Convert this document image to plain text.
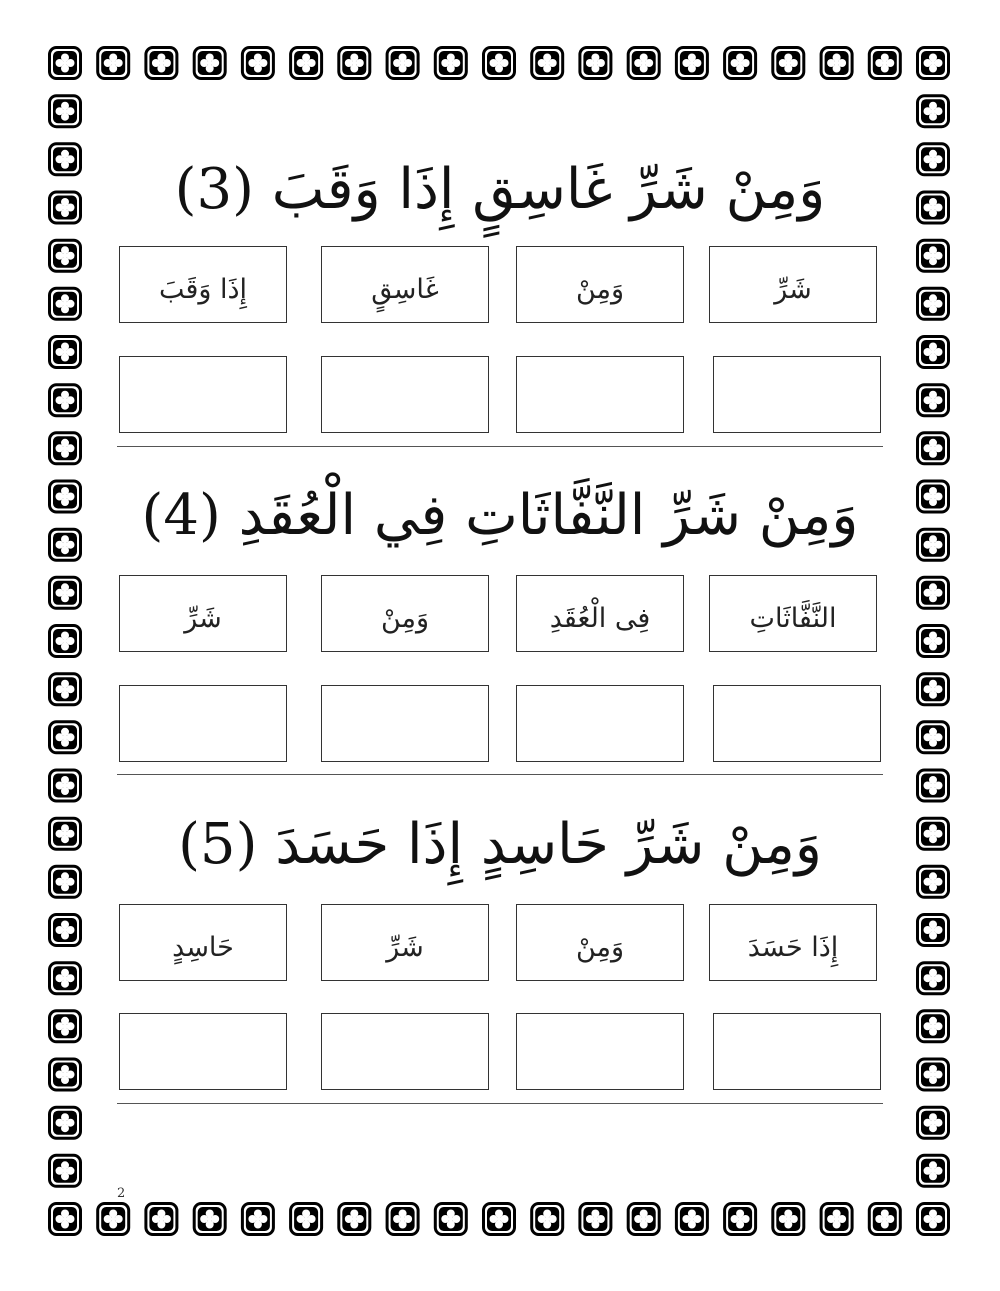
وَمِنْ شَرِّ غَاسِقٍ إِذَا وَقَبَ (3)
شَرِّ
وَمِنْ
غَاسِقٍ
إِذَا وَقَبَ
وَمِنْ شَرِّ النَّفَّاثَاتِ فِي الْعُقَدِ (4)
النَّفَّاثَاتِ
فِى الْعُقَدِ
وَمِنْ
شَرِّ
وَمِنْ شَرِّ حَاسِدٍ إِذَا حَسَدَ (5)
إِذَا حَسَدَ
وَمِنْ
شَرِّ
حَاسِدٍ
2
